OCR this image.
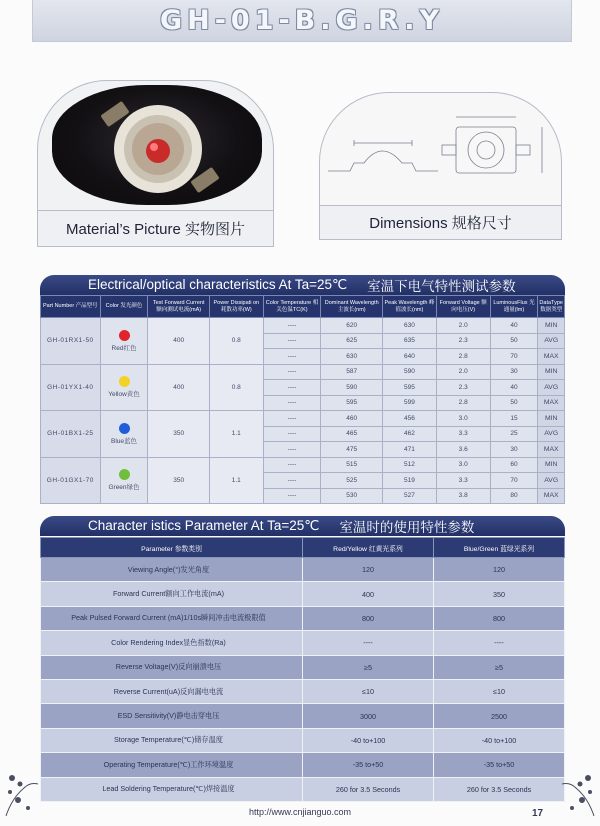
GH-01-B.G.R.Y
Material’s Picture 实物图片	Dimensions 规格尺寸
Electrical/optical characteristics At Ta=25℃ 室温下电气特性测试参数
Part Number 产品型号	Color 发光颜色	Test Forward Current 额向测试电流(mA)	Power Dissipati on 耗散功率(W)	Color Temperature 相关色温TC(K)	Dominant Wavelength 主波长(nm)	Peak Wavelength 峰值波长(nm)	Forward Voltage 额向电压(V)	LuminousFlux 光通量(lm)	DataType 数据类型
GH-01RX1-50	Red红色	400	0.8	----	620	630	2.0	40	MIN
				----	625	635	2.3	50	AVG
				----	630	640	2.8	70	MAX
GH-01YX1-40	Yellow黄色	400	0.8	----	587	590	2.0	30	MIN
				----	590	595	2.3	40	AVG
				----	595	599	2.8	50	MAX
GH-01BX1-25	Blue蓝色	350	1.1	----	460	456	3.0	15	MIN
				----	465	462	3.3	25	AVG
				----	475	471	3.6	30	MAX
GH-01GX1-70	Green绿色	350	1.1	----	515	512	3.0	60	MIN
				----	525	519	3.3	70	AVG
				----	530	527	3.8	80	MAX
Character istics Parameter At Ta=25℃ 室温时的使用特性参数
Parameter 参数类别	Red/Yellow 红黄光系列	Blue/Green 蓝绿光系列
Viewing Angle(°)发光角度	120	120
Forward Current额向工作电流(mA)	400	350
Peak Pulsed Forward Current (mA)1/10s瞬间冲击电流极限值	800	800
Color Rendering Index显色指数(Ra)	----	----
Reverse Voltage(V)反向崩溃电压	≥5	≥5
Reverse Current(uA)反向漏电电流	≤10	≤10
ESD Sensitivity(V)静电击穿电压	3000	2500
Storage Temperature(℃)储存温度	-40 to+100	-40 to+100
Operating Temperature(℃)工作环境温度	-35 to+50	-35 to+50
Lead Soldering Temperature(℃)焊接温度	260 for 3.5 Seconds	260 for 3.5 Seconds
http://www.cnjianguo.com	17
